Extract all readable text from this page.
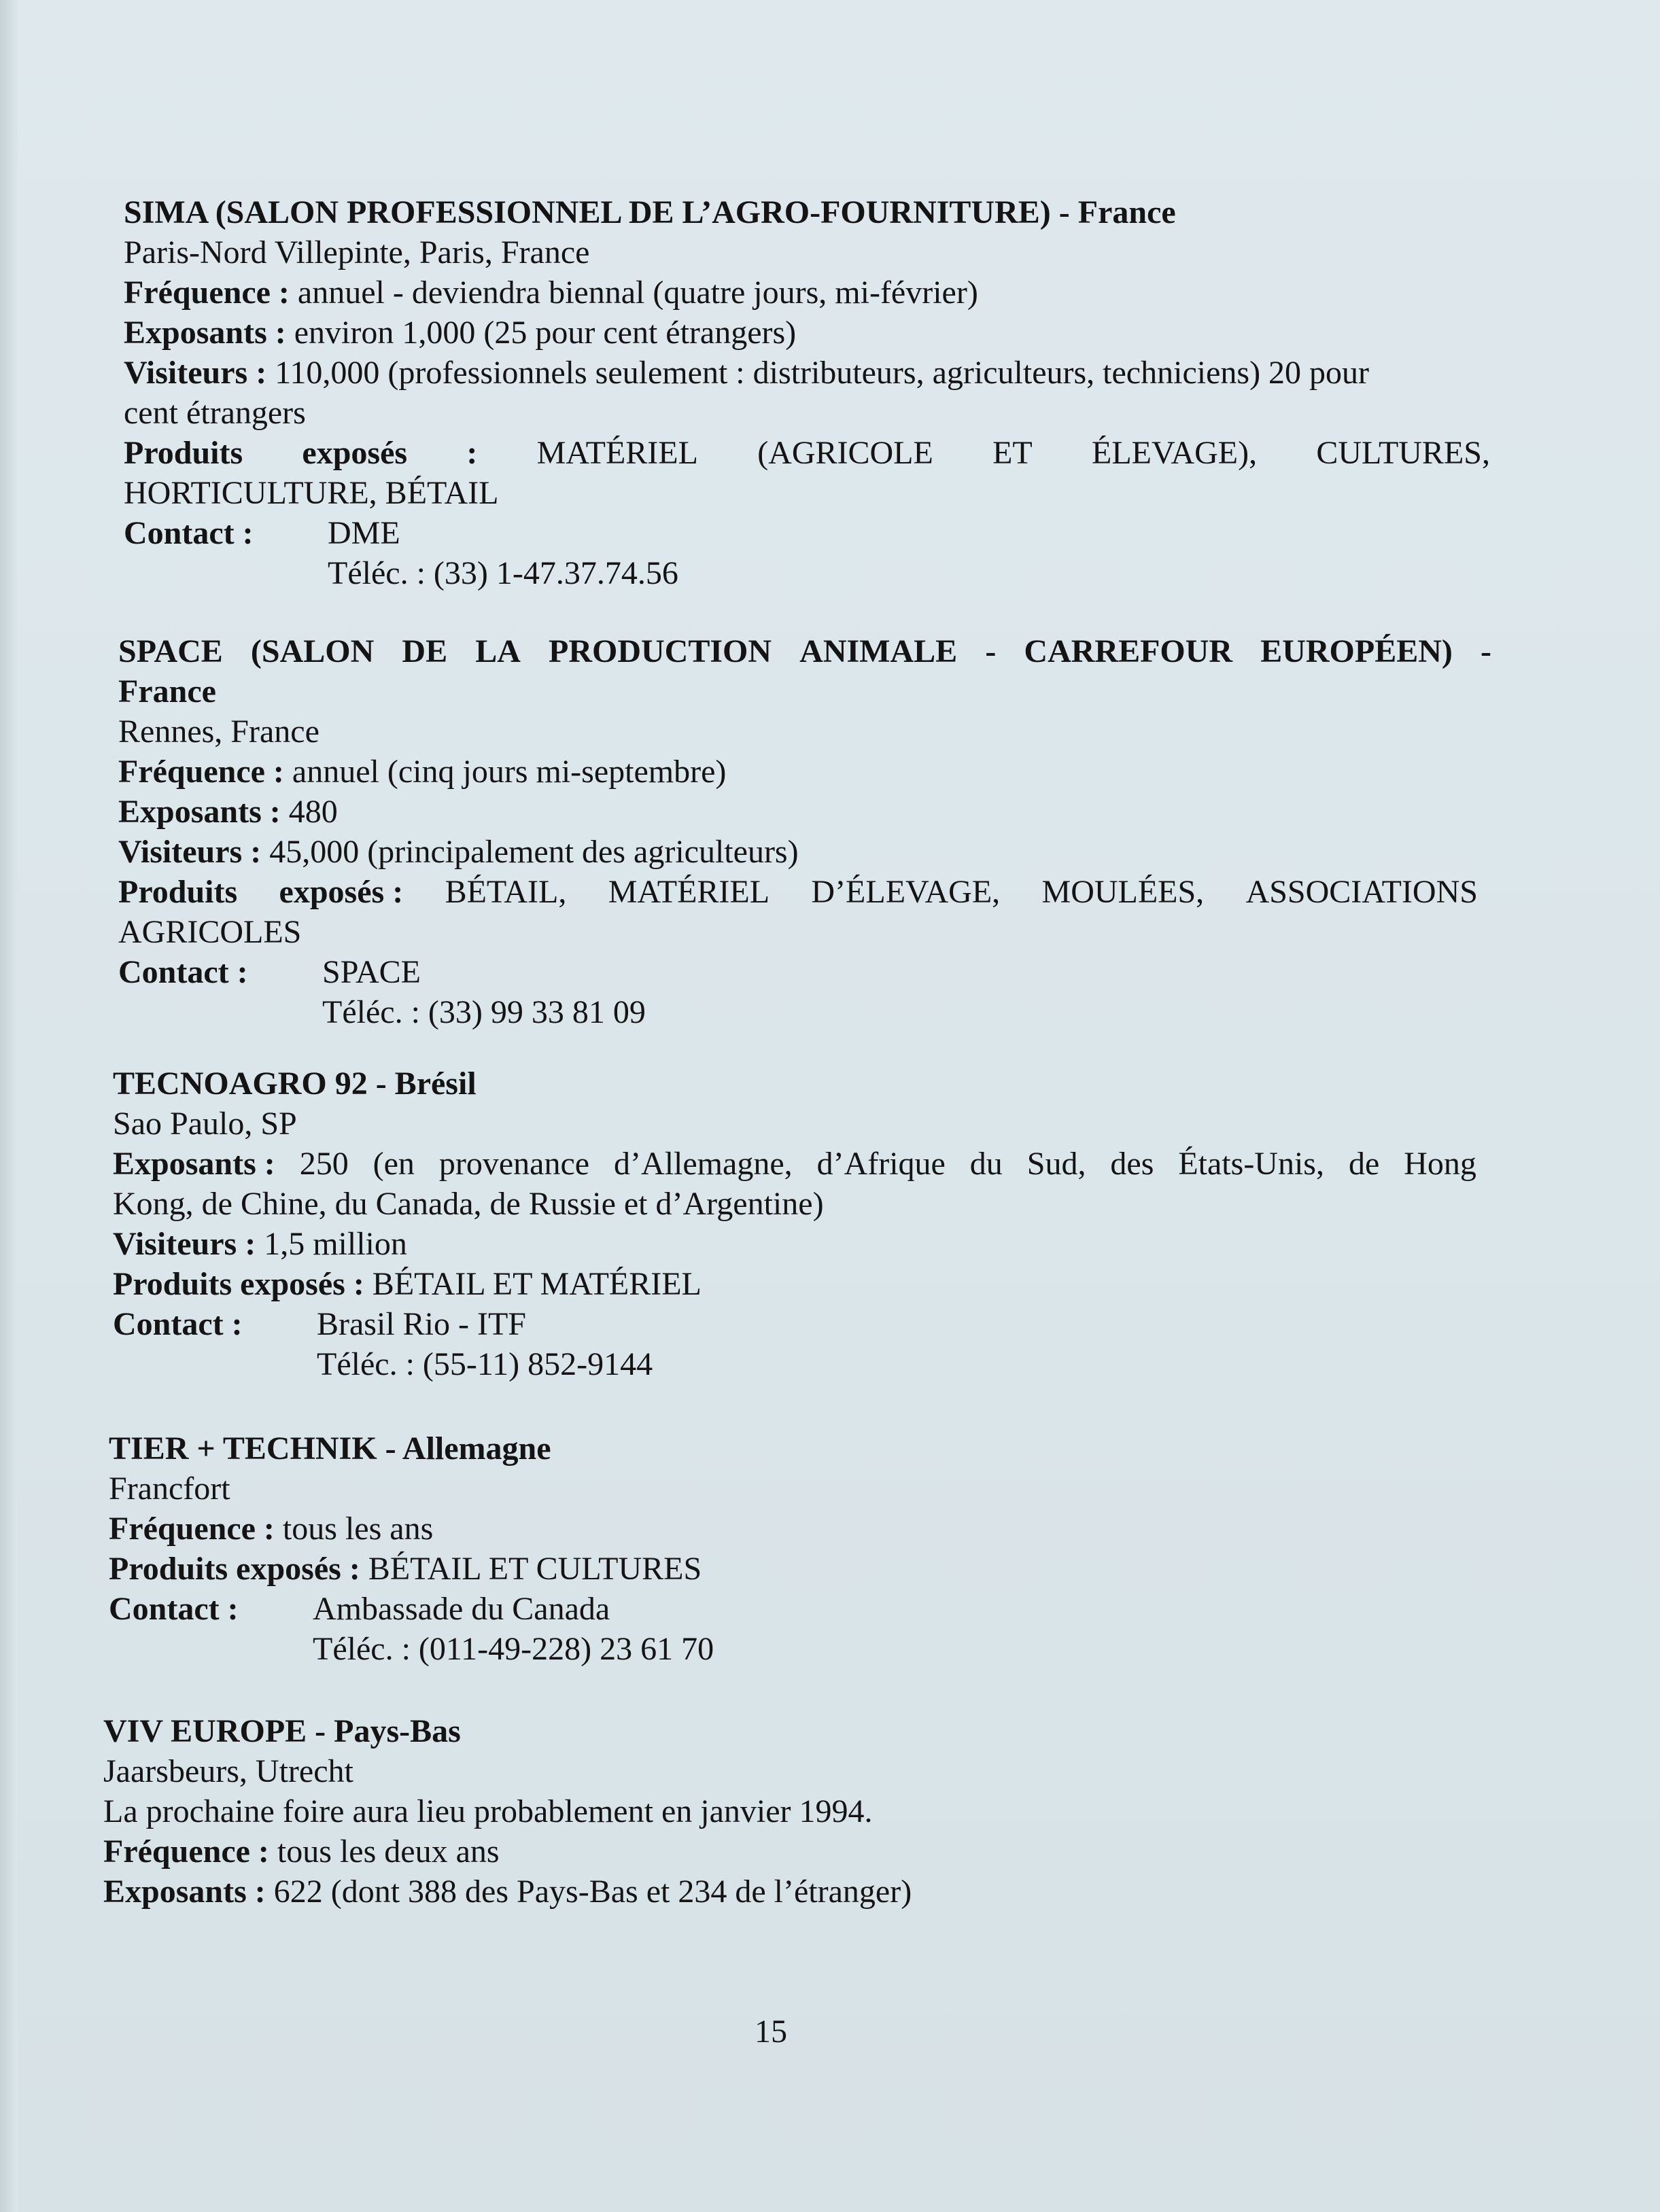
SIMA (SALON PROFESSIONNEL DE L’AGRO-FOURNITURE) - France
Paris-Nord Villepinte, Paris, France
Fréquence : annuel - deviendra biennal (quatre jours, mi-février)
Exposants : environ 1,000 (25 pour cent étrangers)
Visiteurs : 110,000 (professionnels seulement : distributeurs, agriculteurs, techniciens) 20 pour
cent étrangers
Produits exposés : MATÉRIEL (AGRICOLE ET ÉLEVAGE), CULTURES,
HORTICULTURE, BÉTAIL
Contact :	DME
Téléc. : (33) 1-47.37.74.56
SPACE (SALON DE LA PRODUCTION ANIMALE - CARREFOUR EUROPÉEN) -
France
Rennes, France
Fréquence : annuel (cinq jours mi-septembre)
Exposants : 480
Visiteurs : 45,000 (principalement des agriculteurs)
Produits exposés : BÉTAIL, MATÉRIEL D’ÉLEVAGE, MOULÉES, ASSOCIATIONS
AGRICOLES
Contact :	SPACE
Téléc. : (33) 99 33 81 09
TECNOAGRO 92 - Brésil
Sao Paulo, SP
Exposants : 250 (en provenance d’Allemagne, d’Afrique du Sud, des États-Unis, de Hong
Kong, de Chine, du Canada, de Russie et d’Argentine)
Visiteurs : 1,5 million
Produits exposés : BÉTAIL ET MATÉRIEL
Contact :	Brasil Rio - ITF
Téléc. : (55-11) 852-9144
TIER + TECHNIK - Allemagne
Francfort
Fréquence : tous les ans
Produits exposés : BÉTAIL ET CULTURES
Contact :	Ambassade du Canada
Téléc. : (011-49-228) 23 61 70
VIV EUROPE - Pays-Bas
Jaarsbeurs, Utrecht
La prochaine foire aura lieu probablement en janvier 1994.
Fréquence : tous les deux ans
Exposants : 622 (dont 388 des Pays-Bas et 234 de l’étranger)
15
